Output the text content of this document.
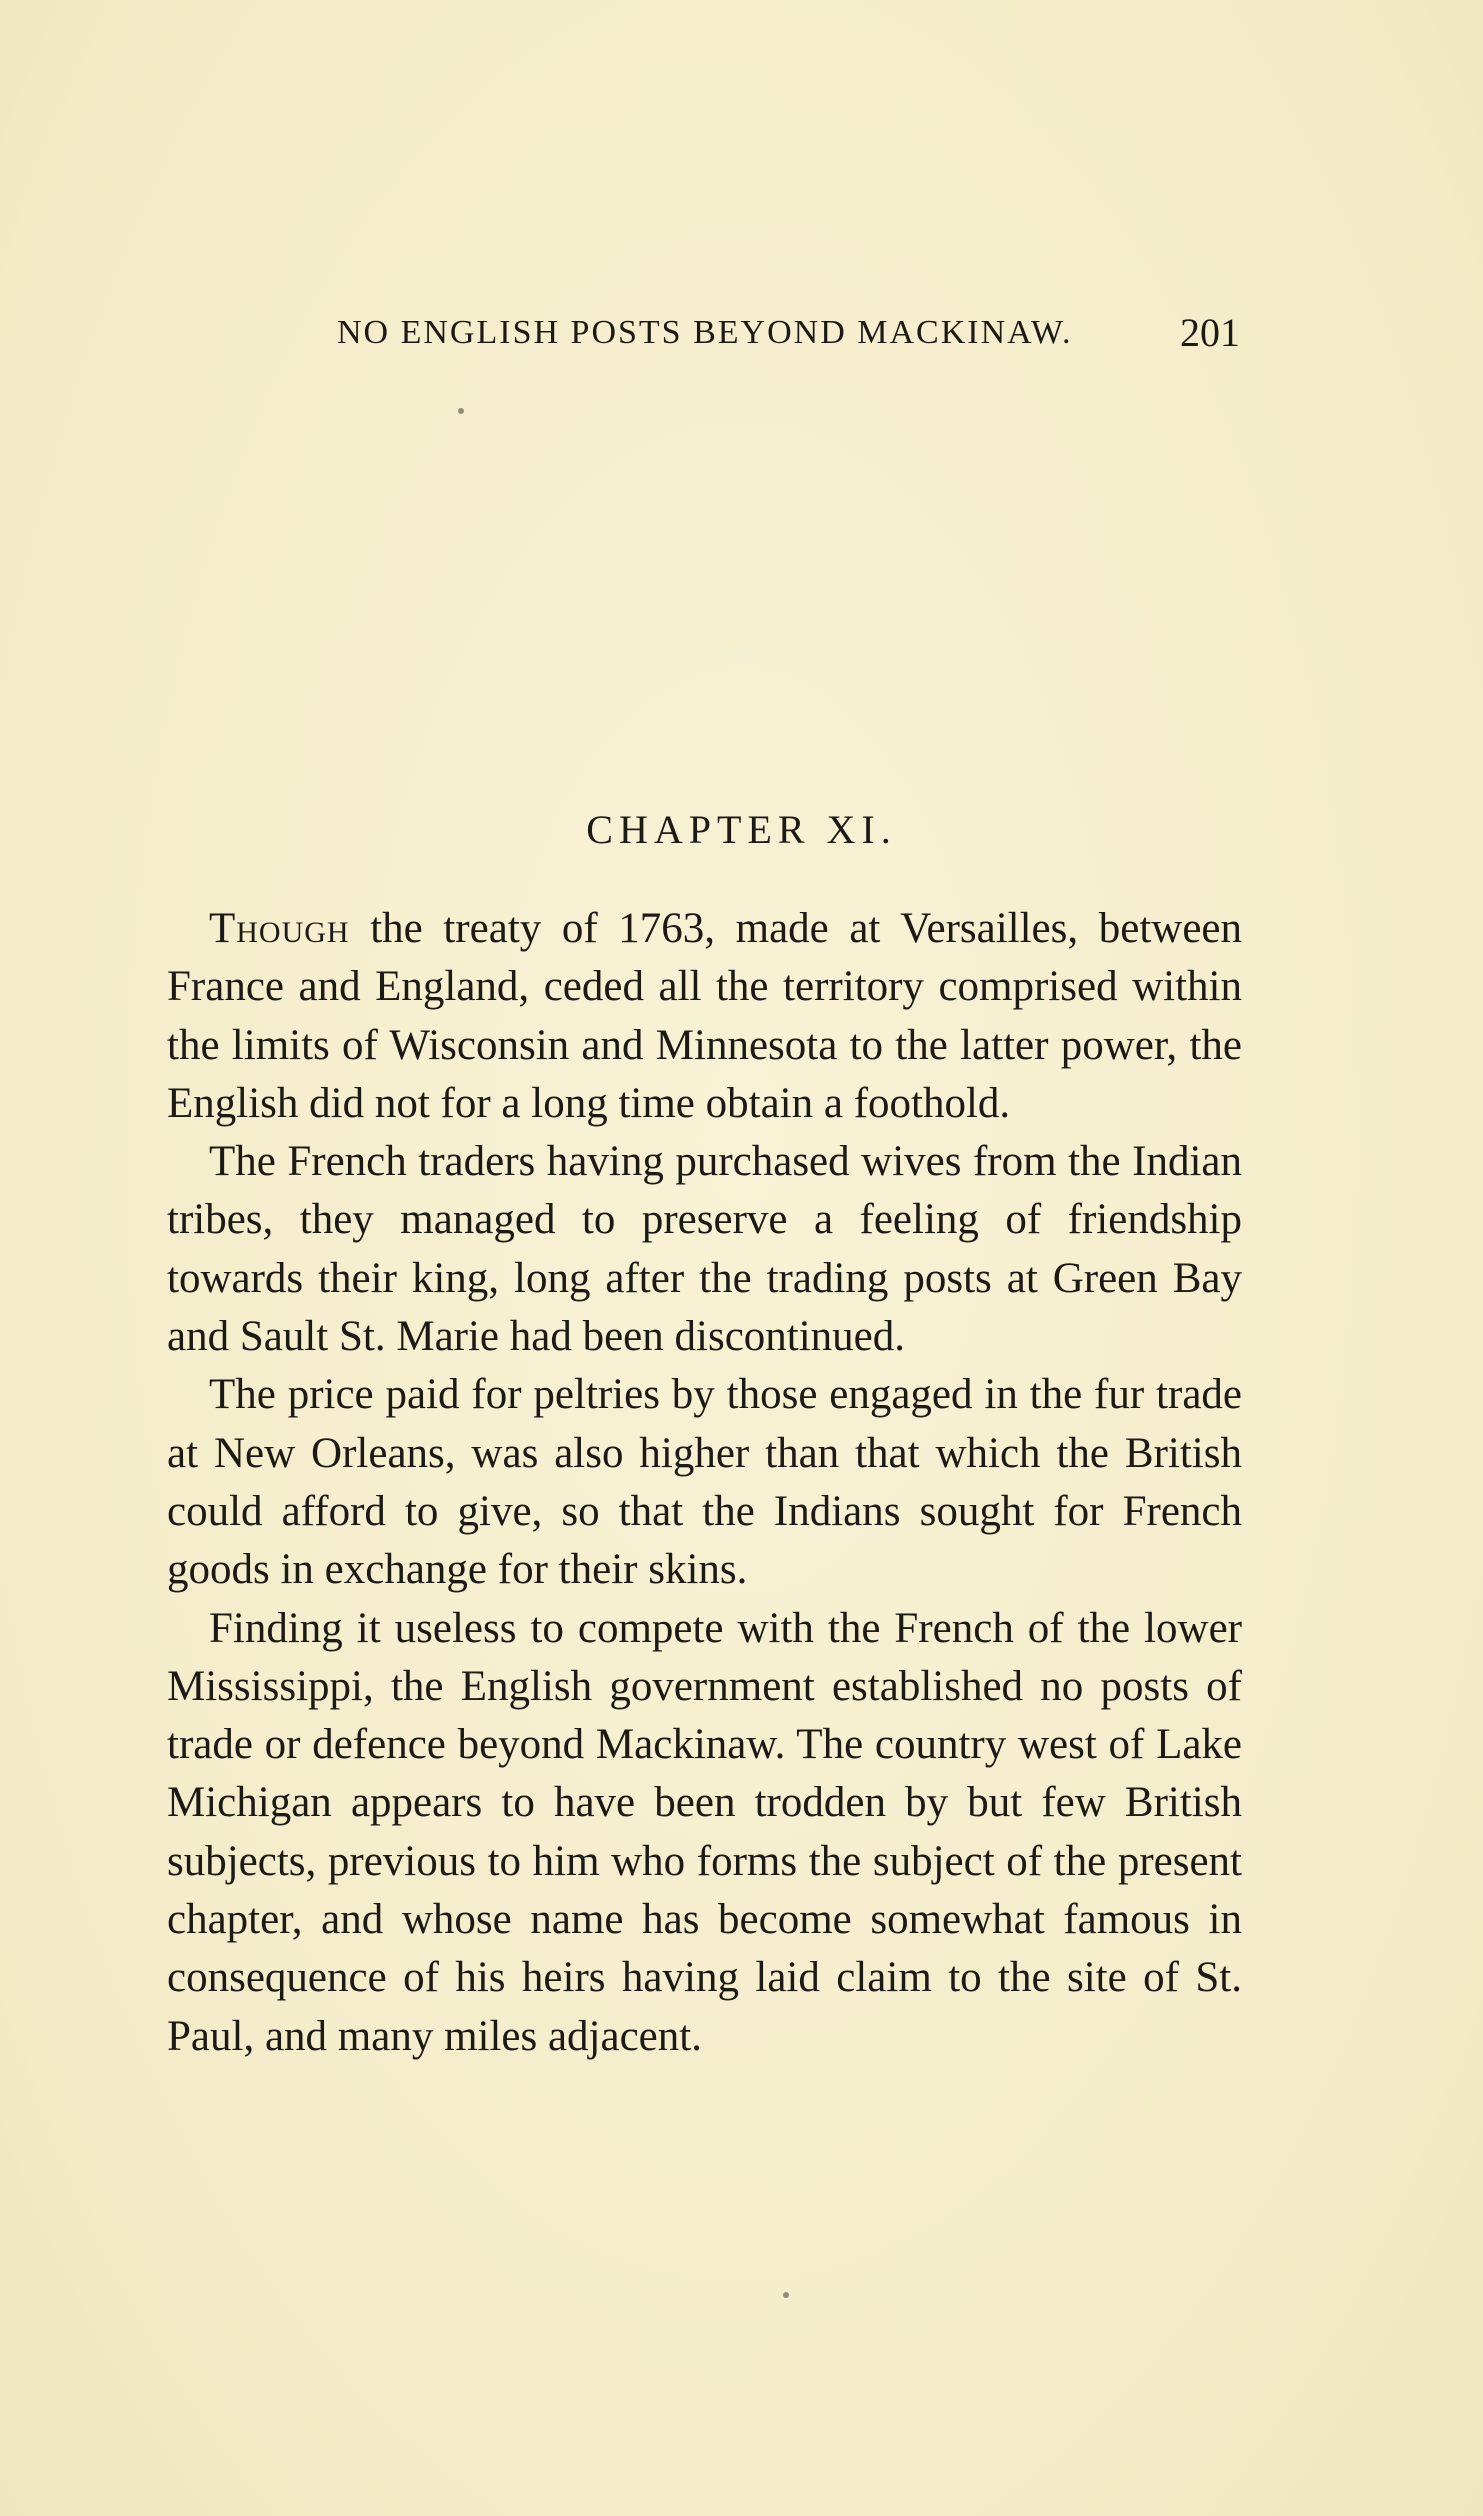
NO ENGLISH POSTS BEYOND MACKINAW.	201
CHAPTER XI.

Though the treaty of 1763, made at Versailles, between France and England, ceded all the territory comprised within the limits of Wisconsin and Minnesota to the latter power, the English did not for a long time obtain a foothold.

The French traders having purchased wives from the Indian tribes, they managed to preserve a feeling of friendship towards their king, long after the trading posts at Green Bay and Sault St. Marie had been discontinued.

The price paid for peltries by those engaged in the fur trade at New Orleans, was also higher than that which the British could afford to give, so that the Indians sought for French goods in exchange for their skins.

Finding it useless to compete with the French of the lower Mississippi, the English government established no posts of trade or defence beyond Mackinaw. The country west of Lake Michigan appears to have been trodden by but few British subjects, previous to him who forms the subject of the present chapter, and whose name has become somewhat famous in consequence of his heirs having laid claim to the site of St. Paul, and many miles adjacent.
